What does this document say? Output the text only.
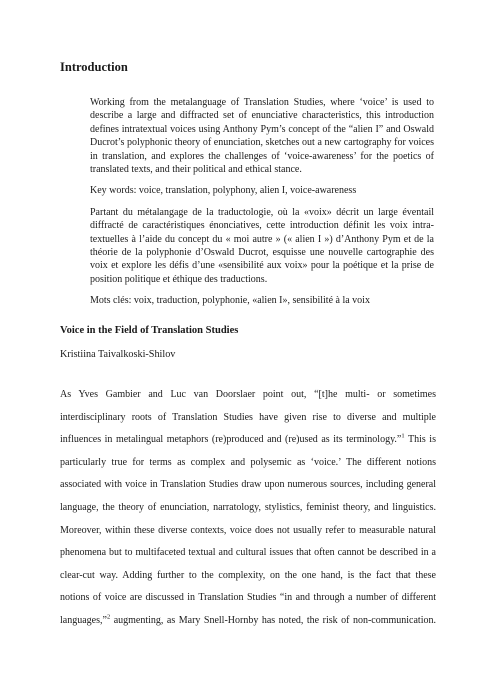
Introduction

Working from the metalanguage of Translation Studies, where ‘voice’ is used to describe a large and diffracted set of enunciative characteristics, this introduction defines intratextual voices using Anthony Pym’s concept of the “alien I” and Oswald Ducrot’s polyphonic theory of enunciation, sketches out a new cartography for voices in translation, and explores the challenges of ‘voice-awareness’ for the poetics of translated texts, and their political and ethical stance.

Key words: voice, translation, polyphony, alien I, voice-awareness

Partant du métalangage de la traductologie, où la «voix» décrit un large éventail diffracté de caractéristiques énonciatives, cette introduction définit les voix intra- textuelles à l’aide du concept du « moi autre » (« alien I ») d’Anthony Pym et de la théorie de la polyphonie d’Oswald Ducrot, esquisse une nouvelle cartographie des voix et explore les défis d’une «sensibilité aux voix» pour la poétique et la prise de position politique et éthique des traductions.

Mots clés: voix, traduction, polyphonie, «alien I», sensibilité à la voix

Voice in the Field of Translation Studies

Kristiina Taivalkoski-Shilov

As Yves Gambier and Luc van Doorslaer point out, “[t]he multi- or sometimes
interdisciplinary roots of Translation Studies have given rise to diverse and multiple
influences in metalingual metaphors (re)produced and (re)used as its terminology.”$^1$ This is
particularly true for terms as complex and polysemic as ‘voice.’ The different notions
associated with voice in Translation Studies draw upon numerous sources, including general
language, the theory of enunciation, narratology, stylistics, feminist theory, and linguistics.
Moreover, within these diverse contexts, voice does not usually refer to measurable natural
phenomena but to multifaceted textual and cultural issues that often cannot be described in a
clear-cut way. Adding further to the complexity, on the one hand, is the fact that these
notions of voice are discussed in Translation Studies “in and through a number of different
languages,”$^2$ augmenting, as Mary Snell-Hornby has noted, the risk of non-communication.
